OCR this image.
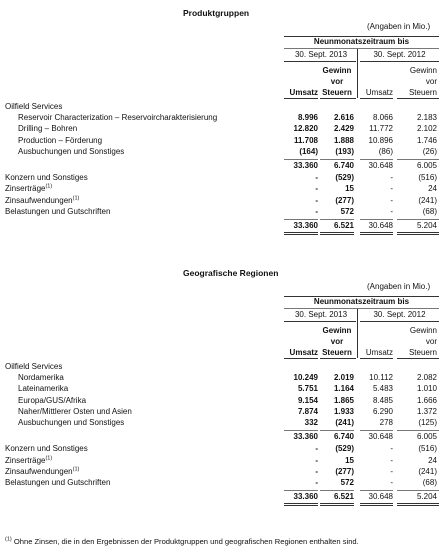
Produktgruppen
(Angaben in Mio.)
Neunmonatszeitraum bis
30. Sept. 2013	30. Sept. 2012
Umsatz
Gewinn vor Steuern Umsatz
Gewinn vor Steuern
Oilfield Services
Reservoir Characterization – Reservoircharakterisierung	8.996 2.616 8.066	2.183
Drilling – Bohren	12.820 2.429 11.772	2.102
Production – Förderung	11.708 1.888 10.896	1.746
Ausbuchungen und Sonstiges	(164) (193)	(86)	(26)
33.360 6.740 30.648	6.005
Konzern und Sonstiges	- (529)	-	(516)
Zinserträge$^{(1)}$	-	15	-	24
Zinsaufwendungen$^{(1)}$	- (277)	-	(241)
Belastungen und Gutschriften	-	572	-	(68)
33.360 6.521 30.648	5.204
Geografische Regionen
(Angaben in Mio.)
Neunmonatszeitraum bis
30. Sept. 2013	30. Sept. 2012
Umsatz
Gewinn vor Steuern Umsatz
Gewinn vor Steuern
Oilfield Services
Nordamerika	10.249 2.019 10.112	2.082
Lateinamerika	5.751 1.164 5.483	1.010
Europa/GUS/Afrika	9.154 1.865 8.485	1.666
Naher/Mittlerer Osten und Asien	7.874 1.933 6.290	1.372
Ausbuchungen und Sonstiges	332 (241)	278	(125)
33.360 6.740 30.648	6.005
Konzern und Sonstiges	- (529)	-	(516)
Zinserträge$^{(1)}$	-	15	-	24
Zinsaufwendungen$^{(1)}$	- (277)	-	(241)
Belastungen und Gutschriften	-	572	-	(68)
33.360 6.521 30.648	5.204
$^{(1)}$ Ohne Zinsen, die in den Ergebnissen der Produktgruppen und geografischen Regionen enthalten sind.
